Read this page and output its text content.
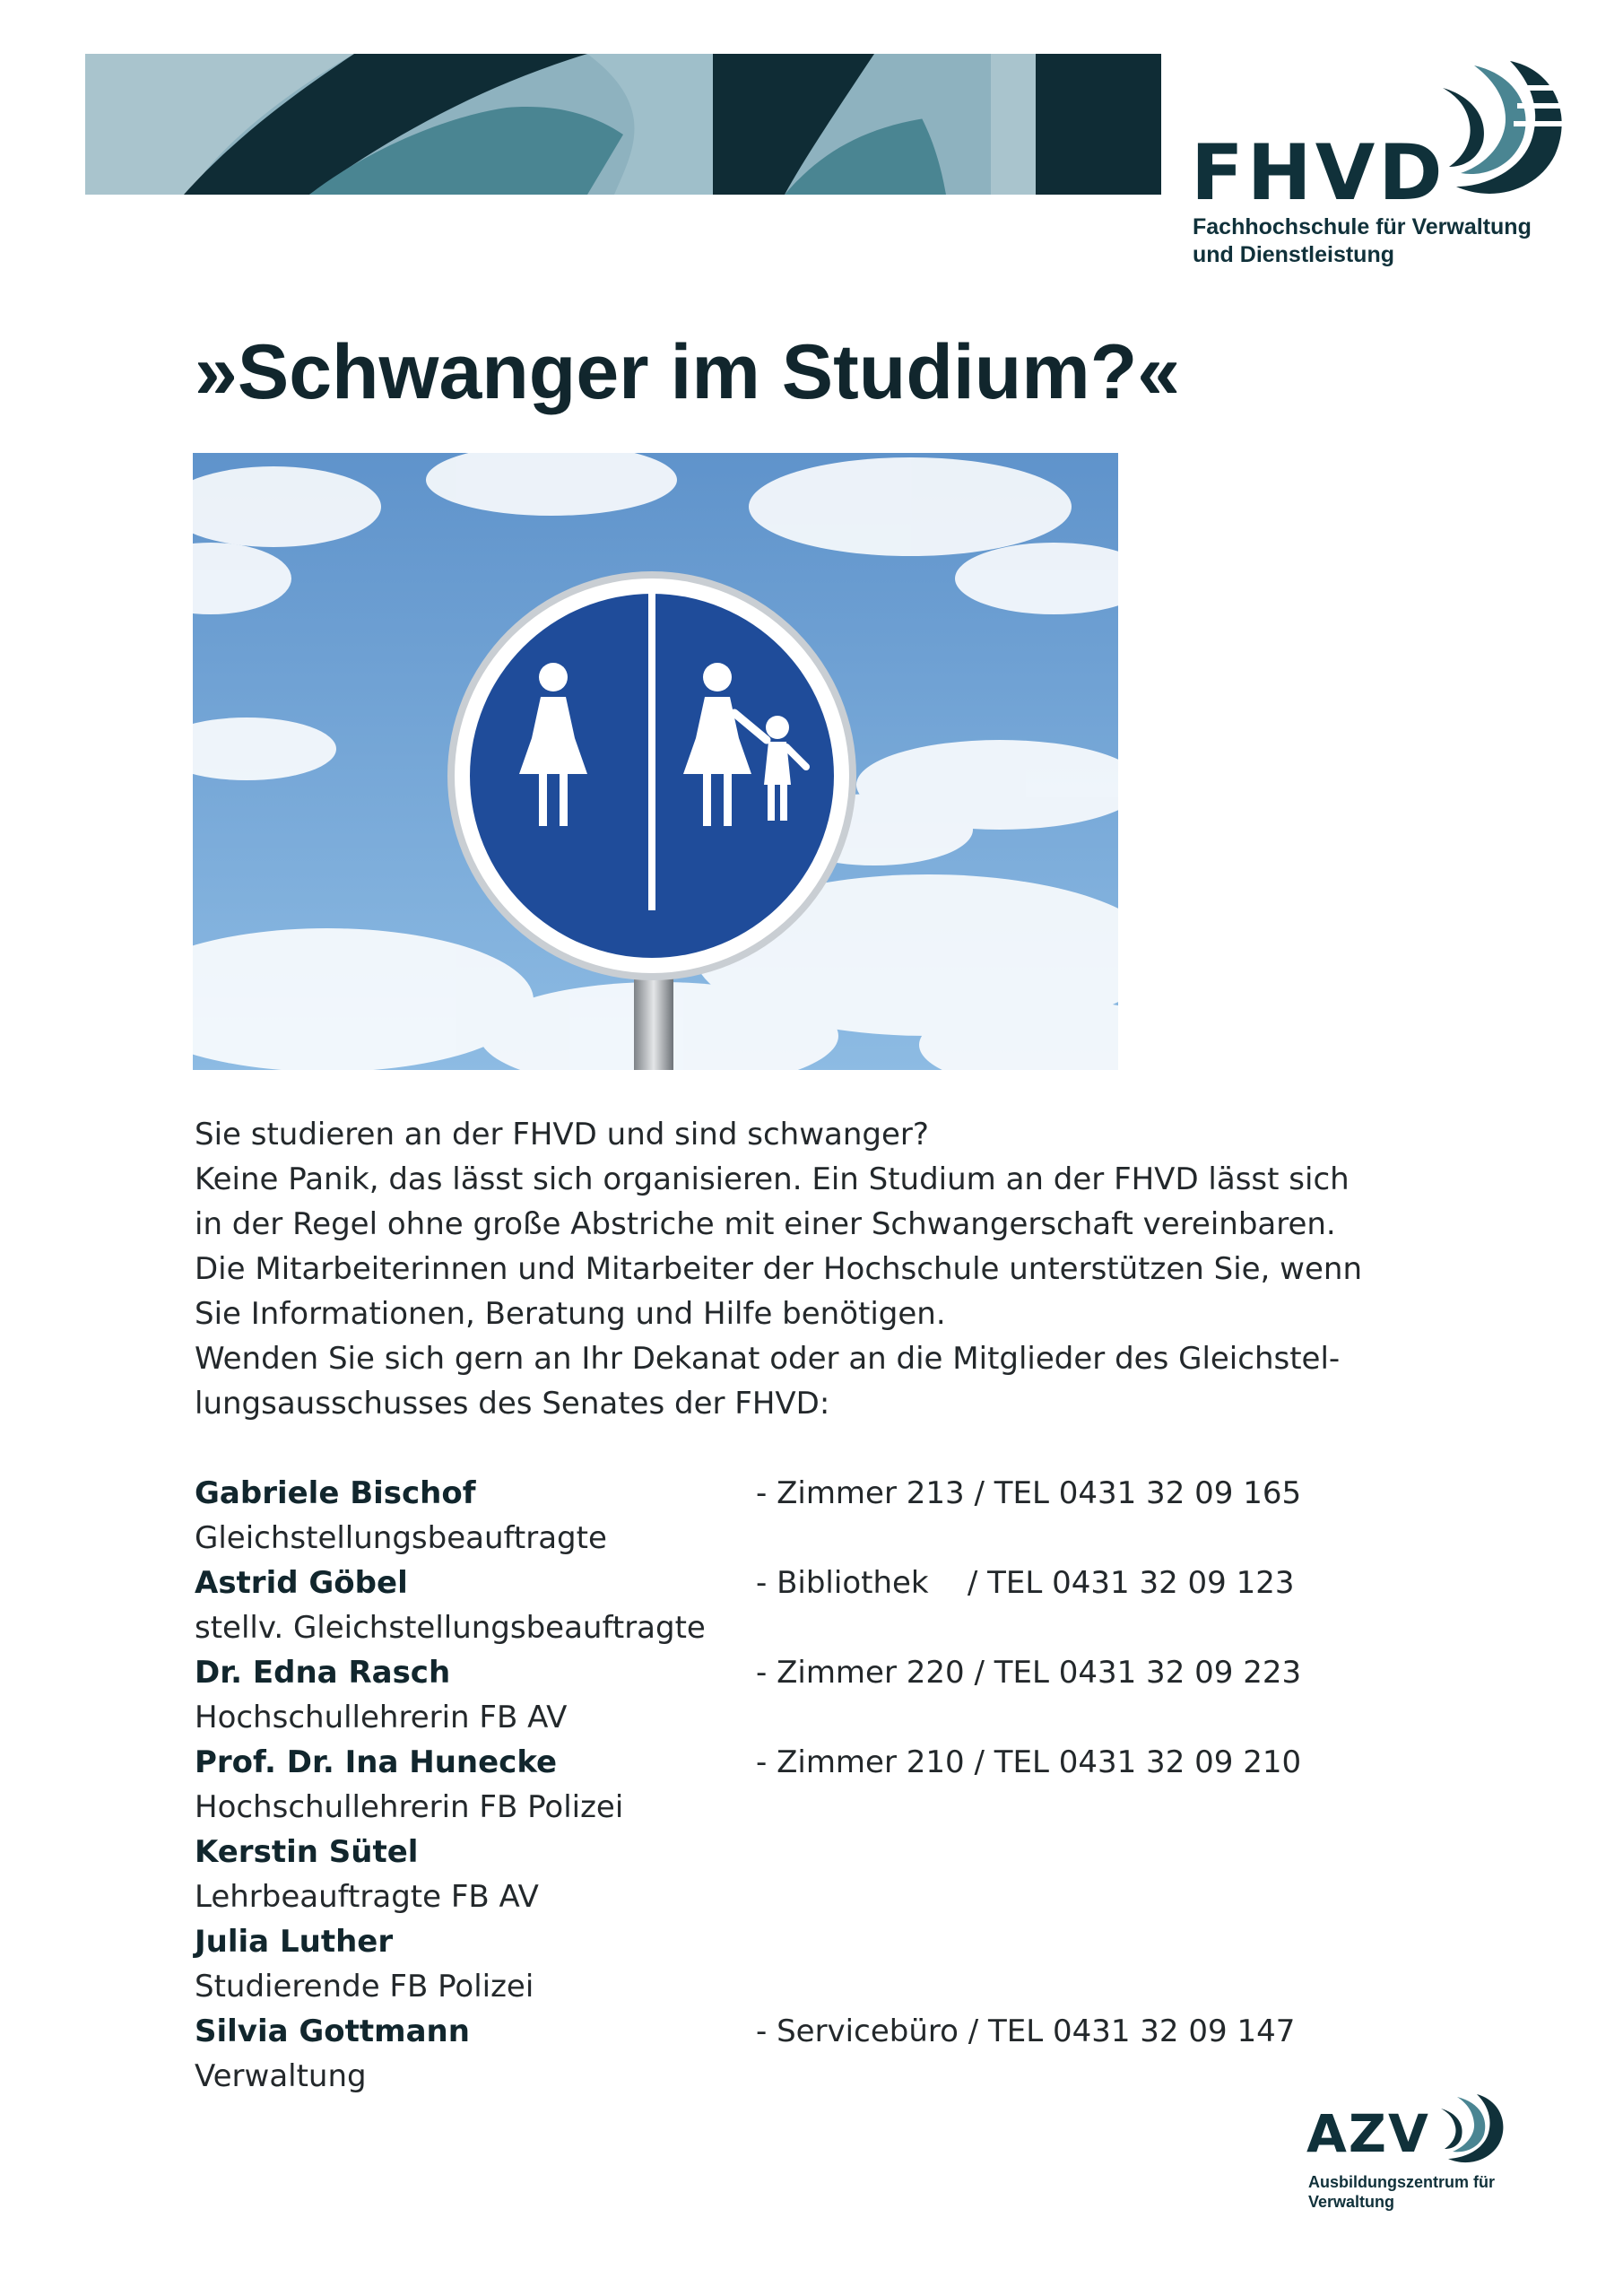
FHVD
Fachhochschule für Verwaltung
und Dienstleistung
»Schwanger im Studium?«
Sie studieren an der FHVD und sind schwanger?
Keine Panik, das lässt sich organisieren. Ein Studium an der FHVD lässt sich
in der Regel ohne große Abstriche mit einer Schwangerschaft vereinbaren.
Die Mitarbeiterinnen und Mitarbeiter der Hochschule unterstützen Sie, wenn
Sie Informationen, Beratung und Hilfe benötigen.
Wenden Sie sich gern an Ihr Dekanat oder an die Mitglieder des Gleichstel-
lungsausschusses des Senates der FHVD:
Gabriele Bischof
Gleichstellungsbeauftragte
- Zimmer 213 / TEL 0431 32 09 165
Astrid Göbel
stellv. Gleichstellungsbeauftragte
- Bibliothek    / TEL 0431 32 09 123
Dr. Edna Rasch
Hochschullehrerin FB AV
- Zimmer 220 / TEL 0431 32 09 223
Prof. Dr. Ina Hunecke
Hochschullehrerin FB Polizei
- Zimmer 210 / TEL 0431 32 09 210
Kerstin Sütel
Lehrbeauftragte FB AV
Julia Luther
Studierende FB Polizei
Silvia Gottmann
Verwaltung
- Servicebüro / TEL 0431 32 09 147
AZV
Ausbildungszentrum für
Verwaltung
